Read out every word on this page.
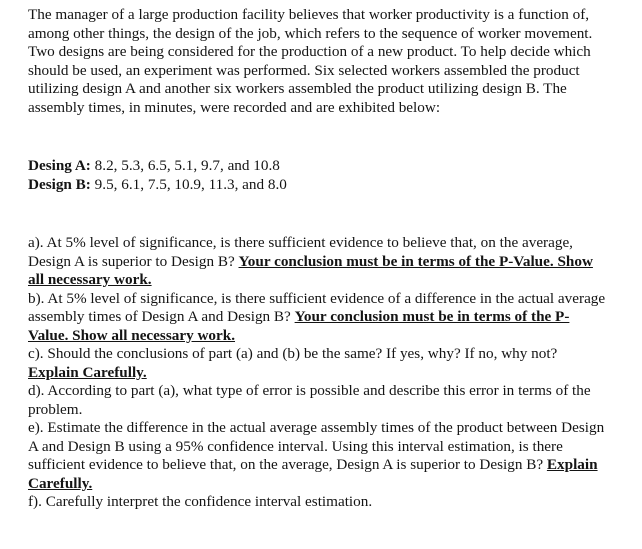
The manager of a large production facility believes that worker productivity is a function of, among other things, the design of the job, which refers to the sequence of worker movement. Two designs are being considered for the production of a new product. To help decide which should be used, an experiment was performed. Six selected workers assembled the product utilizing design A and another six workers assembled the product utilizing design B. The assembly times, in minutes, were recorded and are exhibited below:

Desing A: 8.2, 5.3, 6.5, 5.1, 9.7, and 10.8
Design B: 9.5, 6.1, 7.5, 10.9, 11.3, and 8.0

a). At 5% level of significance, is there sufficient evidence to believe that, on the average, Design A is superior to Design B? Your conclusion must be in terms of the P-Value. Show all necessary work.

b). At 5% level of significance, is there sufficient evidence of a difference in the actual average assembly times of Design A and Design B? Your conclusion must be in terms of the P-Value. Show all necessary work.

c). Should the conclusions of part (a) and (b) be the same? If yes, why? If no, why not? Explain Carefully.

d). According to part (a), what type of error is possible and describe this error in terms of the problem.

e). Estimate the difference in the actual average assembly times of the product between Design A and Design B using a 95% confidence interval. Using this interval estimation, is there sufficient evidence to believe that, on the average, Design A is superior to Design B? Explain Carefully.

f). Carefully interpret the confidence interval estimation.
